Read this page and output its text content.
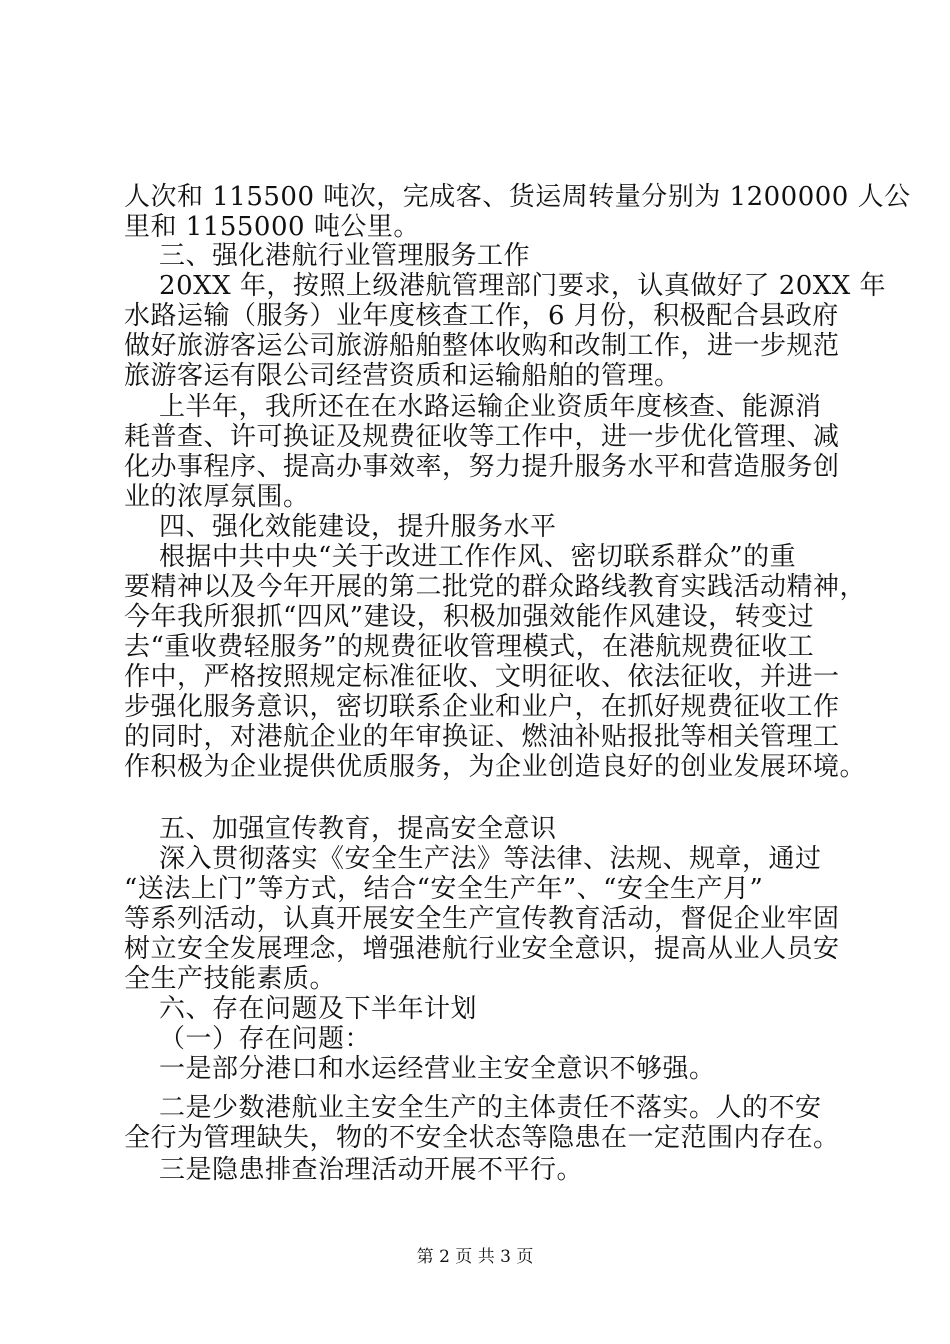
人次和 115500 吨次，完成客、货运周转量分别为 1200000 人公
里和 1155000 吨公里。
三、强化港航行业管理服务工作
20XX 年，按照上级港航管理部门要求，认真做好了 20XX 年
水路运输（服务）业年度核查工作，6 月份，积极配合县政府
做好旅游客运公司旅游船舶整体收购和改制工作，进一步规范
旅游客运有限公司经营资质和运输船舶的管理。
上半年，我所还在在水路运输企业资质年度核查、能源消
耗普查、许可换证及规费征收等工作中，进一步优化管理、减
化办事程序、提高办事效率，努力提升服务水平和营造服务创
业的浓厚氛围。
四、强化效能建设，提升服务水平
根据中共中央“关于改进工作作风、密切联系群众”的重
要精神以及今年开展的第二批党的群众路线教育实践活动精神，
今年我所狠抓“四风”建设，积极加强效能作风建设，转变过
去“重收费轻服务”的规费征收管理模式，在港航规费征收工
作中，严格按照规定标准征收、文明征收、依法征收，并进一
步强化服务意识，密切联系企业和业户，在抓好规费征收工作
的同时，对港航企业的年审换证、燃油补贴报批等相关管理工
作积极为企业提供优质服务，为企业创造良好的创业发展环境。
五、加强宣传教育，提高安全意识
深入贯彻落实《安全生产法》等法律、法规、规章，通过
“送法上门”等方式，结合“安全生产年”、“安全生产月”
等系列活动，认真开展安全生产宣传教育活动，督促企业牢固
树立安全发展理念，增强港航行业安全意识，提高从业人员安
全生产技能素质。
六、存在问题及下半年计划
（一）存在问题：
一是部分港口和水运经营业主安全意识不够强。
二是少数港航业主安全生产的主体责任不落实。人的不安
全行为管理缺失，物的不安全状态等隐患在一定范围内存在。
三是隐患排查治理活动开展不平行。
第 2 页 共 3 页
